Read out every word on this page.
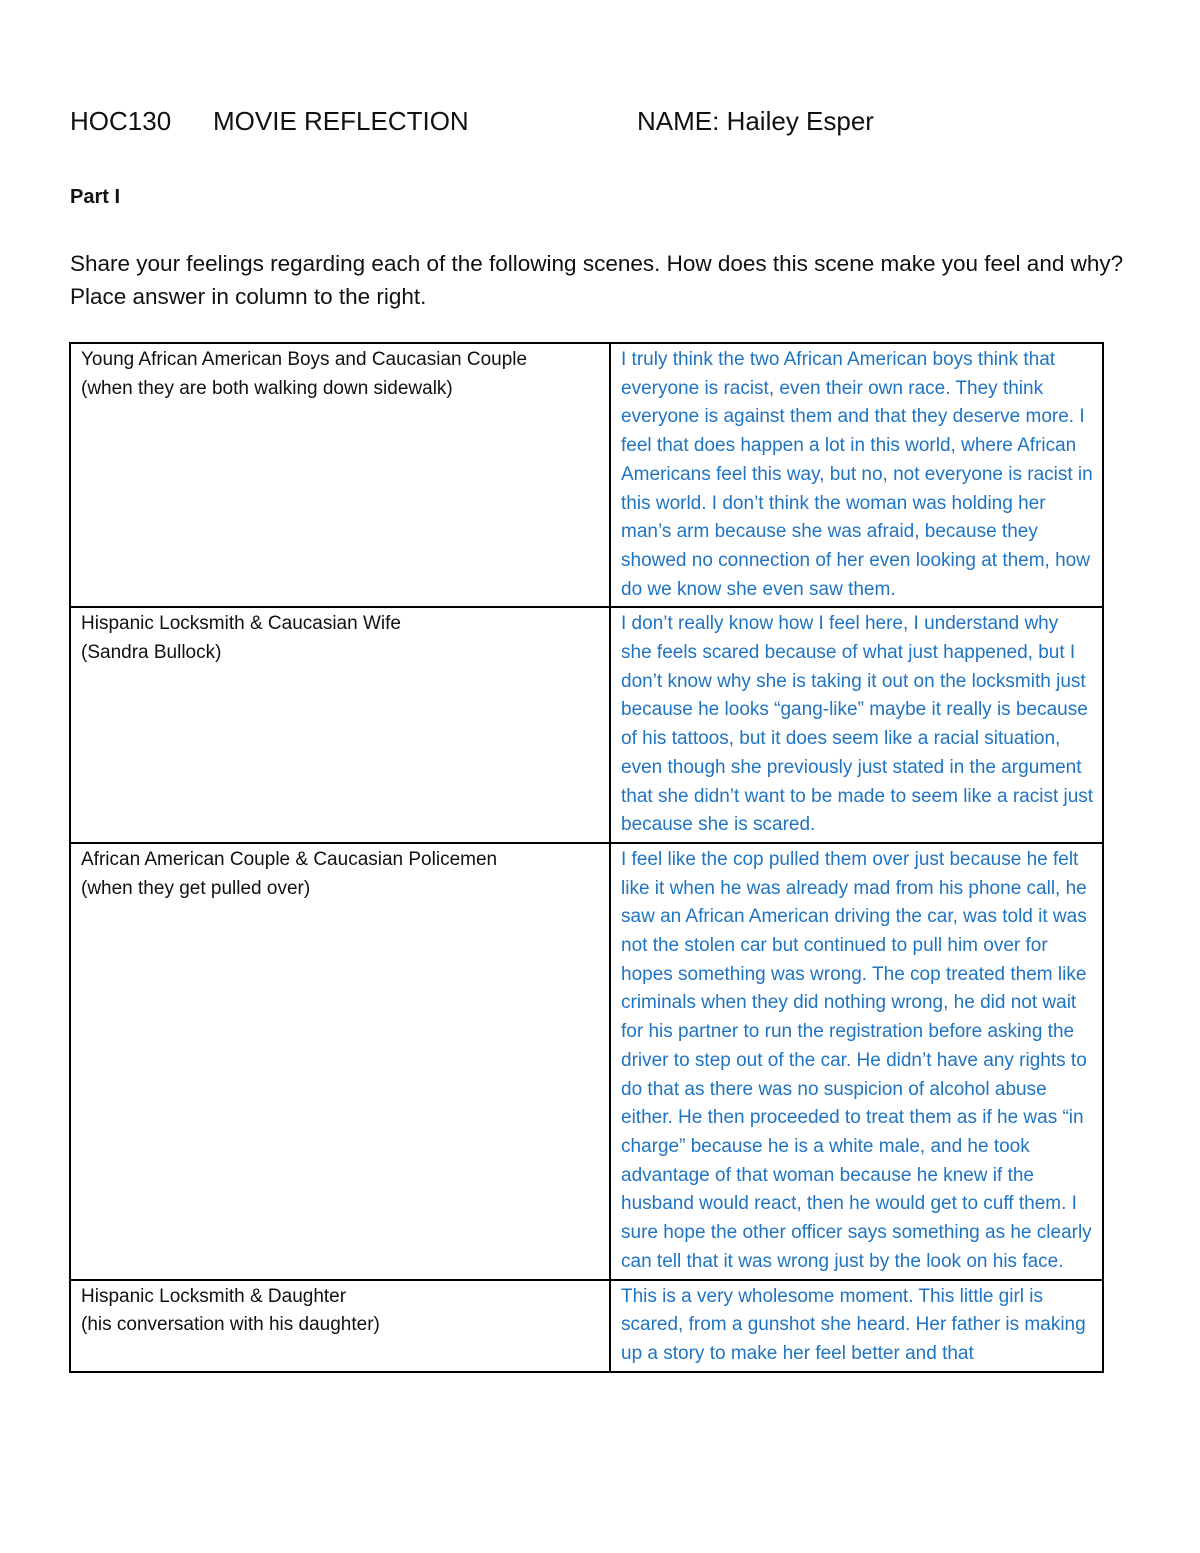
HOC130 MOVIE REFLECTION	NAME: Hailey Esper
Part I
Share your feelings regarding each of the following scenes. How does this scene make you feel and why? Place answer in column to the right.
Young African American Boys and Caucasian Couple
(when they are both walking down sidewalk)	I truly think the two African American boys think that everyone is racist, even their own race. They think everyone is against them and that they deserve more. I feel that does happen a lot in this world, where African Americans feel this way, but no, not everyone is racist in this world. I don’t think the woman was holding her man’s arm because she was afraid, because they showed no connection of her even looking at them, how do we know she even saw them.

Hispanic Locksmith & Caucasian Wife
(Sandra Bullock)	I don’t really know how I feel here, I understand why she feels scared because of what just happened, but I don’t know why she is taking it out on the locksmith just because he looks “gang-like” maybe it really is because of his tattoos, but it does seem like a racial situation, even though she previously just stated in the argument that she didn’t want to be made to seem like a racist just because she is scared.

African American Couple & Caucasian Policemen
(when they get pulled over)	I feel like the cop pulled them over just because he felt like it when he was already mad from his phone call, he saw an African American driving the car, was told it was not the stolen car but continued to pull him over for hopes something was wrong. The cop treated them like criminals when they did nothing wrong, he did not wait for his partner to run the registration before asking the driver to step out of the car. He didn’t have any rights to do that as there was no suspicion of alcohol abuse either. He then proceeded to treat them as if he was “in charge” because he is a white male, and he took advantage of that woman because he knew if the husband would react, then he would get to cuff them. I sure hope the other officer says something as he clearly can tell that it was wrong just by the look on his face.

Hispanic Locksmith & Daughter
(his conversation with his daughter)	This is a very wholesome moment. This little girl is scared, from a gunshot she heard. Her father is making up a story to make her feel better and that
